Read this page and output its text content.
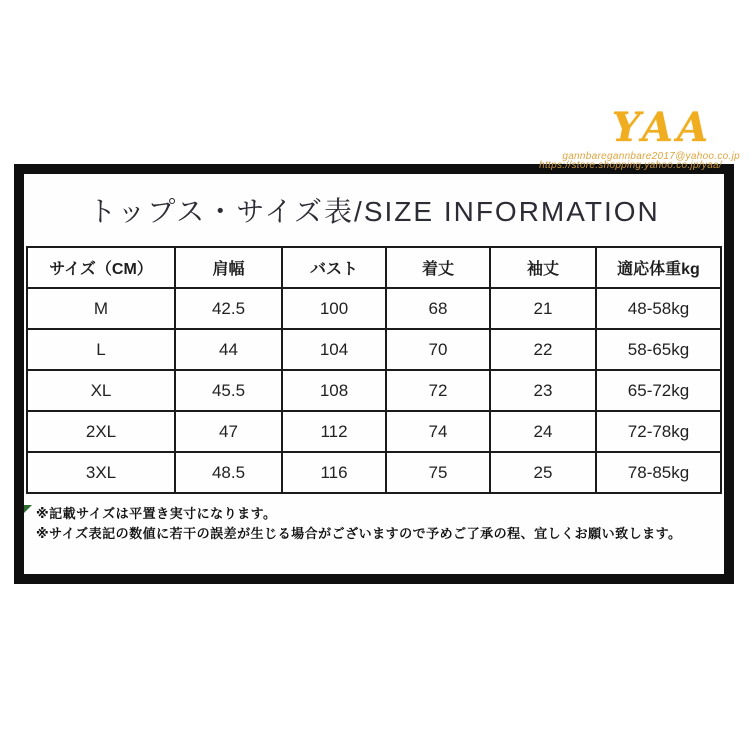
YAA
gannbaregannbare2017@yahoo.co.jp
https://store.shopping.yahoo.co.jp/yaa/
トップス・サイズ表/SIZE INFORMATION
サイズ（CM）	肩幅	バスト	着丈	袖丈	適応体重kg
M	42.5	100	68	21	48-58kg
L	44	104	70	22	58-65kg
XL	45.5	108	72	23	65-72kg
2XL	47	112	74	24	72-78kg
3XL	48.5	116	75	25	78-85kg
※記載サイズは平置き実寸になります。
※サイズ表記の数値に若干の誤差が生じる場合がございますので予めご了承の程、宜しくお願い致します。
